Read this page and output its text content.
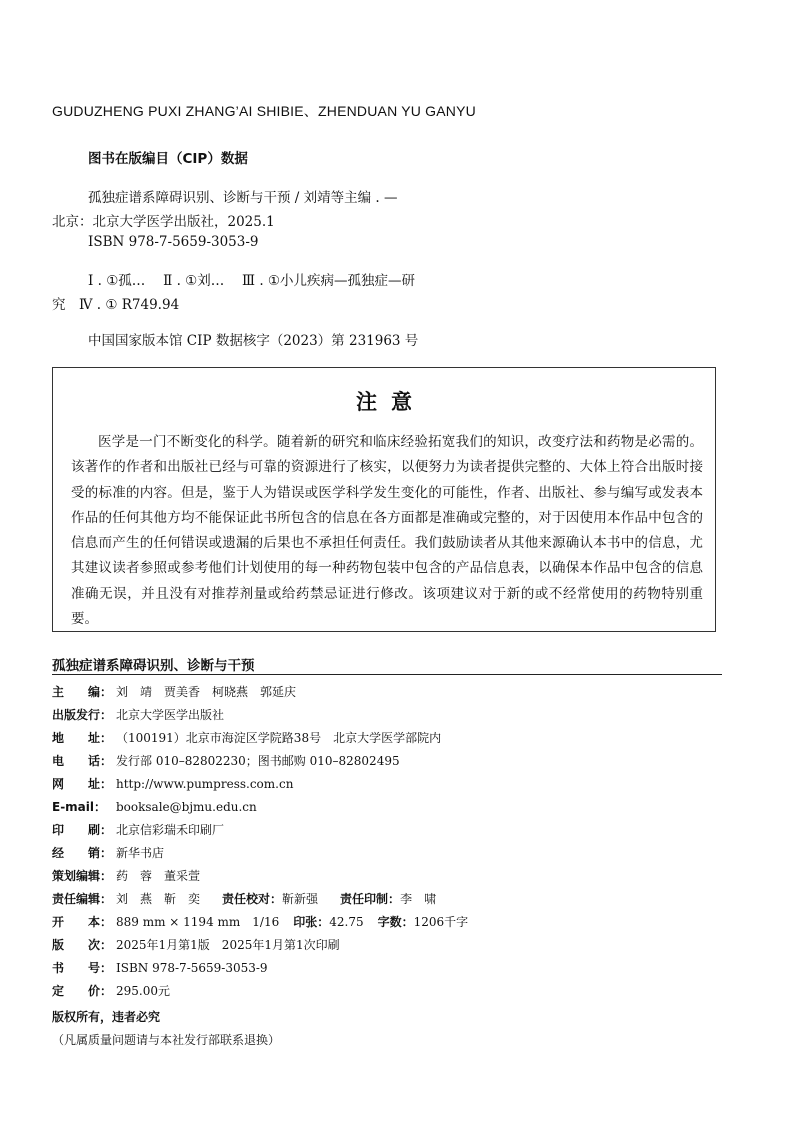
GUDUZHENG PUXI ZHANG’AI SHIBIE、ZHENDUAN YU GANYU
图书在版编目（CIP）数据
孤独症谱系障碍识别、诊断与干预 / 刘靖等主编 . —
北京：北京大学医学出版社，2025.1
ISBN 978-7-5659-3053-9
Ⅰ . ①孤…　 Ⅱ . ①刘…　 Ⅲ . ①小儿疾病—孤独症—研
究　Ⅳ . ① R749.94
中国国家版本馆 CIP 数据核字（2023）第 231963 号
注意
医学是一门不断变化的科学。随着新的研究和临床经验拓宽我们的知识，改变疗法和药物是必需的。该著作的作者和出版社已经与可靠的资源进行了核实，以便努力为读者提供完整的、大体上符合出版时接受的标准的内容。但是，鉴于人为错误或医学科学发生变化的可能性，作者、出版社、参与编写或发表本作品的任何其他方均不能保证此书所包含的信息在各方面都是准确或完整的，对于因使用本作品中包含的信息而产生的任何错误或遗漏的后果也不承担任何责任。我们鼓励读者从其他来源确认本书中的信息，尤其建议读者参照或参考他们计划使用的每一种药物包装中包含的产品信息表，以确保本作品中包含的信息准确无误，并且没有对推荐剂量或给药禁忌证进行修改。该项建议对于新的或不经常使用的药物特别重要。
孤独症谱系障碍识别、诊断与干预
主　　编： 刘　靖　贾美香　柯晓燕　郭延庆
出版发行： 北京大学医学出版社
地　　址： （100191）北京市海淀区学院路38号　北京大学医学部院内
电　　话： 发行部 010–82802230；图书邮购 010–82802495
网　　址： http://www.pumpress.com.cn
E-mail： booksale@bjmu.edu.cn
印　　刷： 北京信彩瑞禾印刷厂
经　　销： 新华书店
策划编辑： 药　蓉　董采萱
责任编辑： 刘　燕　靳　奕 责任校对： 靳新强 责任印制： 李　啸
开　　本： 889 mm × 1194 mm　1/16 印张： 42.75 字数： 1206千字
版　　次： 2025年1月第1版　2025年1月第1次印刷
书　　号： ISBN 978-7-5659-3053-9
定　　价： 295.00元
版权所有，违者必究
（凡属质量问题请与本社发行部联系退换）
